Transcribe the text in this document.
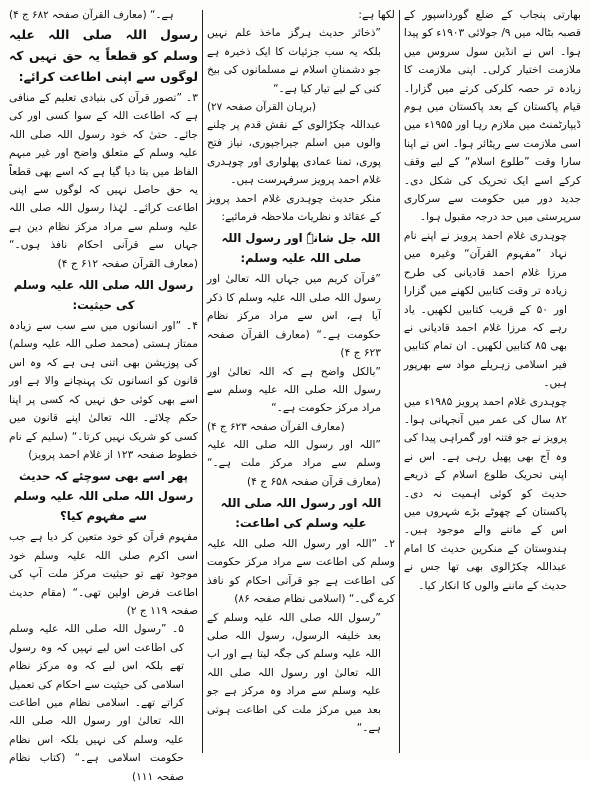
بھارتی پنجاب کے ضلع گورداسپور کے قصبہ بٹالہ میں ۹/ جولائی ۱۹۰۳ء کو پیدا ہوا۔ اس نے انڈین سول سروس میں ملازمت اختیار کرلی۔ اپنی ملازمت کا زیادہ تر حصہ کلرکی کرتے میں گزارا۔ قیام پاکستان کے بعد پاکستان میں ہوم ڈیپارٹمنٹ میں ملازم رہا اور ۱۹۵۵ء میں اسی ملازمت سے ریٹائر ہوا۔ اس نے اپنا سارا وقت ”طلوع اسلام“ کے لیے وقف کرکے اسے ایک تحریک کی شکل دی۔ جدید دور میں حکومت سے سرکاری سرپرستی میں حد درجہ مقبول ہوا۔

چوہدری غلام احمد پرویز نے اپنے نام نہاد ”مفہوم القرآن“ وغیرہ میں مرزا غلام احمد قادیانی کی طرح زیادہ تر وقت کتابیں لکھنے میں گزارا اور ۵۰ کے قریب کتابیں لکھیں۔ یاد رہے کہ مرزا غلام احمد قادیانی نے بھی ۸۵ کتابیں لکھیں۔ ان تمام کتابیں فیر اسلامی زہریلے مواد سے بھرپور ہیں۔

چوہدری غلام احمد پرویز ۱۹۸۵ء میں ۸۲ سال کی عمر میں آنجہانی ہوا۔ پرویز نے جو فتنہ اور گمراہی پیدا کی وہ آج بھی پھیل رہی ہے۔ اس نے اپنی تحریک طلوع اسلام کے ذریعے حدیث کو کوئی اہمیت نہ دی۔ پاکستان کے چھوٹے بڑے شہروں میں اس کے ماننے والے موجود ہیں۔ ہندوستان کے منکرین حدیث کا امام عبداللہ چکڑالوی بھی تھا جس نے حدیث کے ماننے والوں کا انکار کیا۔

لکھا ہے:

”ذخائر حدیث ہرگز ماخذ علم نہیں بلکہ یہ سب جزئیات کا ایک ذخیرہ ہے جو دشمنانِ اسلام نے مسلمانوں کی بیخ کنی کے لیے تیار کیا ہے۔“

(برہان القرآن صفحہ ۲۷)

عبداللہ چکڑالوی کے نقش قدم پر چلنے والوں میں اسلم جیراجپوری، نیاز فتح پوری، تمنا عمادی پھلواری اور چوہدری غلام احمد پرویز سرفہرست ہیں۔

منکر حدیث چوہدری غلام احمد پرویز کے عقائد و نظریات ملاحظہ فرمائیے:

اللہ جل شانہٗ اور رسول اللہ صلی اللہ علیہ وسلم:

”قرآن کریم میں جہاں اللہ تعالیٰ اور رسول اللہ صلی اللہ علیہ وسلم کا ذکر آیا ہے، اس سے مراد مرکز نظام حکومت ہے۔“ (معارف القرآن صفحہ ۶۲۳ ج ۴)

”بالکل واضح ہے کہ اللہ تعالیٰ اور رسول اللہ صلی اللہ علیہ وسلم سے مراد مرکز حکومت ہے۔“

(معارف القرآن صفحہ ۶۲۳ ج ۴)

”اللہ اور رسول اللہ صلی اللہ علیہ وسلم سے مراد مرکز ملت ہے۔“ (معارف قرآن صفحہ ۶۵۸ ج ۴)

اللہ اور رسول اللہ صلی اللہ علیہ وسلم کی اطاعت:

۲۔ ”اللہ اور رسول اللہ صلی اللہ علیہ وسلم کی اطاعت سے مراد مرکز حکومت کی اطاعت ہے جو قرآنی احکام کو نافذ کرے گی۔“ (اسلامی نظام صفحہ ۸۶)

”رسول اللہ صلی اللہ علیہ وسلم کے بعد خلیفہ الرسول، رسول اللہ صلی اللہ علیہ وسلم کی جگہ لیتا ہے اور اب اللہ تعالیٰ اور رسول اللہ صلی اللہ علیہ وسلم سے مراد وہ مرکز ہے جو بعد میں مرکز ملت کی اطاعت ہوتی ہے۔“

ہے۔“ (معارف القرآن صفحہ ۶۸۲ ج ۴)

رسول اللہ صلی اللہ علیہ وسلم کو قطعاً یہ حق نہیں کہ لوگوں سے اپنی اطاعت کرائے:

۳۔ ”تصور قرآن کی بنیادی تعلیم کے منافی ہے کہ اطاعت اللہ کے سوا کسی اور کی جائے۔ حتیٰ کہ خود رسول اللہ صلی اللہ علیہ وسلم کے متعلق واضح اور غیر مبہم الفاظ میں بتا دیا گیا ہے کہ اسے بھی قطعاً یہ حق حاصل نہیں کہ لوگوں سے اپنی اطاعت کرائے۔ لہٰذا رسول اللہ صلی اللہ علیہ وسلم سے مراد مرکز نظام دین ہے جہاں سے قرآنی احکام نافذ ہوں۔“ (معارف القرآن صفحہ ۶۱۲ ج ۴)

رسول اللہ صلی اللہ علیہ وسلم کی حیثیت:

۴۔ ”اور انسانوں میں سے سب سے زیادہ ممتاز ہستی (محمد صلی اللہ علیہ وسلم) کی پوزیشن بھی اتنی ہی ہے کہ وہ اس قانون کو انسانوں تک پہنچانے والا ہے اور اسے بھی کوئی حق نہیں کہ کسی پر اپنا حکم چلائے۔ اللہ تعالیٰ اپنے قانون میں کسی کو شریک نہیں کرتا۔“ (سلیم کے نام خطوط صفحہ ۱۲۳ از غلام احمد پرویز)

پھر اسے بھی سوچئے کہ حدیث رسول اللہ صلی اللہ علیہ وسلم سے مفہوم کیا؟

مفہوم قرآن کو خود متعین کر دیا ہے جب اسی اکرم صلی اللہ علیہ وسلم خود موجود تھے تو حیثیت مرکز ملت آپ کی اطاعت فرض اولین تھی۔“ (مقام حدیث صفحہ ۱۱۹ ج ۲)

۵۔ ”رسول اللہ صلی اللہ علیہ وسلم کی اطاعت اس لیے نہیں کہ وہ رسول تھے بلکہ اس لیے کہ وہ مرکز نظام اسلامی کی حیثیت سے احکام کی تعمیل کراتے تھے۔ اسلامی نظام میں اطاعت اللہ تعالیٰ اور رسول اللہ صلی اللہ علیہ وسلم کی نہیں بلکہ اس نظام حکومت اسلامی ہے۔“ (کتاب نظام صفحہ ۱۱۱)
